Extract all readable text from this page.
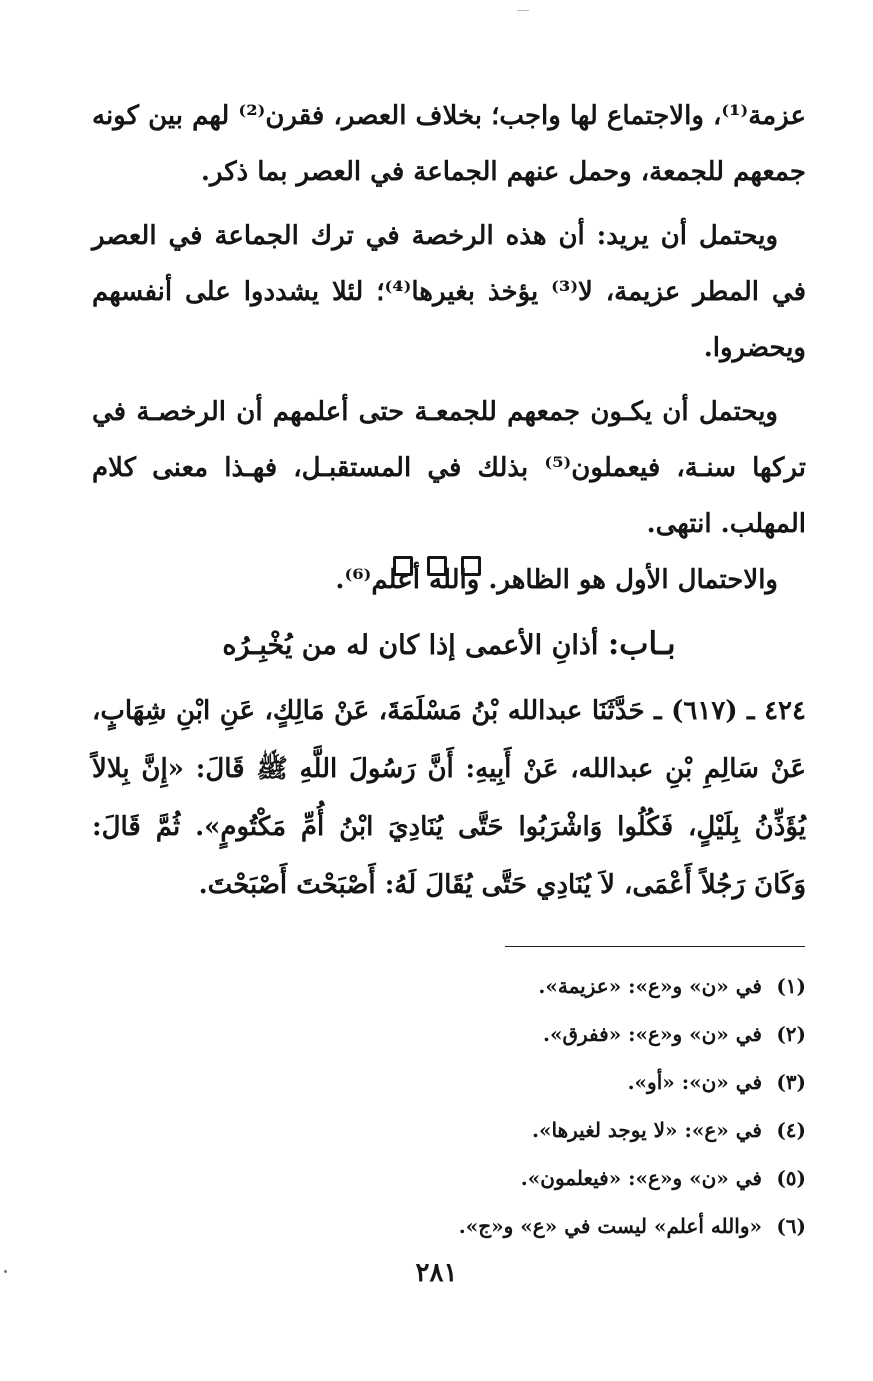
عزمة⁽¹⁾، والاجتماع لها واجب؛ بخلاف العصر، فقرن⁽²⁾ لهم بين كونه جمعهم للجمعة، وحمل عنهم الجماعة في العصر بما ذكر.

ويحتمل أن يريد: أن هذه الرخصة في ترك الجماعة في العصر في المطر عزيمة، لا⁽³⁾ يؤخذ بغيرها⁽⁴⁾؛ لئلا يشددوا على أنفسهم ويحضروا.

ويحتمل أن يكـون جمعهم للجمعـة حتى أعلمهم أن الرخصـة في تركها سنـة، فيعملون⁽⁵⁾ بذلك في المستقبـل، فهـذا معنى كلام المهلب. انتهى.

والاحتمال الأول هو الظاهر. والله أعلم⁽⁶⁾.

بـاب: أذانِ الأعمى إذا كان له من يُخْبِـرُه

٤٢٤ ـ (٦١٧) ـ حَدَّثَنَا عبدالله بْنُ مَسْلَمَةَ، عَنْ مَالِكٍ، عَنِ ابْنِ شِهَابٍ، عَنْ سَالِمِ بْنِ عبدالله، عَنْ أَبِيهِ: أَنَّ رَسُولَ اللَّهِ ﷺ قَالَ: «إِنَّ بِلالاً يُؤَذِّنُ بِلَيْلٍ، فَكُلُوا وَاشْرَبُوا حَتَّى يُنَادِيَ ابْنُ أُمِّ مَكْتُومٍ». ثُمَّ قَالَ: وَكَانَ رَجُلاً أَعْمَى، لاَ يُنَادِي حَتَّى يُقَالَ لَهُ: أَصْبَحْتَ أَصْبَحْتَ.

(١)في «ن» و«ع»: «عزيمة».
(٢)في «ن» و«ع»: «ففرق».
(٣)في «ن»: «أو».
(٤)في «ع»: «لا يوجد لغيرها».
(٥)في «ن» و«ع»: «فيعلمون».
(٦)«والله أعلم» ليست في «ع» و«ج».
٢٨١
